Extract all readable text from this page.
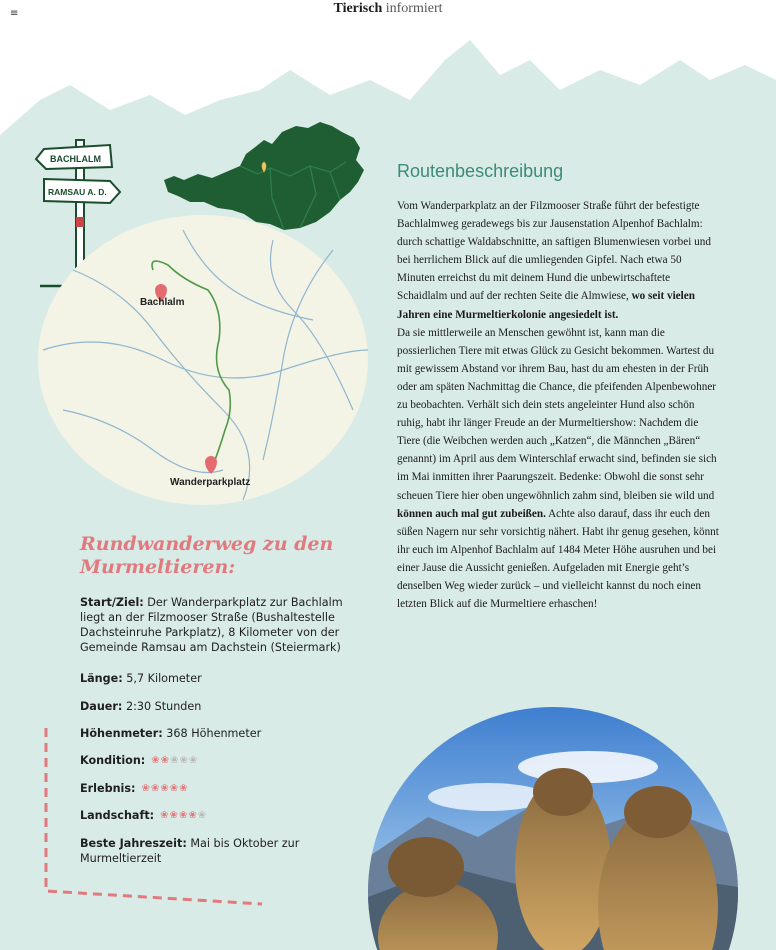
≡	Tierisch informiert
BACHLALM
RAMSAU A. D.
Bachlalm
Wanderparkplatz
Routenbeschreibung

Vom Wanderparkplatz an der Filzmooser Straße führt der befestigte Bachlalmweg geradewegs bis zur Jausenstation Alpenhof Bachlalm: durch schattige Waldabschnitte, an saftigen Blumenwiesen vorbei und bei herrlichem Blick auf die umliegenden Gipfel. Nach etwa 50 Minuten erreichst du mit deinem Hund die unbewirtschaftete Schaidlalm und auf der rechten Seite die Almwiese, wo seit vielen Jahren eine Murmeltierkolonie angesiedelt ist.

Da sie mittlerweile an Menschen gewöhnt ist, kann man die possierlichen Tiere mit etwas Glück zu Gesicht bekommen. Wartest du mit gewissem Abstand vor ihrem Bau, hast du am ehesten in der Früh oder am späten Nachmittag die Chance, die pfeifenden Alpenbewohner zu beobachten. Verhält sich dein stets angeleinter Hund also schön ruhig, habt ihr länger Freude an der Murmeltiershow: Nachdem die Tiere (die Weibchen werden auch „Katzen“, die Männchen „Bären“ genannt) im April aus dem Winterschlaf erwacht sind, befinden sie sich im Mai inmitten ihrer Paarungszeit. Bedenke: Obwohl die sonst sehr scheuen Tiere hier oben ungewöhnlich zahm sind, bleiben sie wild und können auch mal gut zubeißen. Achte also darauf, dass ihr euch den süßen Nagern nur sehr vorsichtig nähert. Habt ihr genug gesehen, könnt ihr euch im Alpenhof Bachlalm auf 1484 Meter Höhe ausruhen und bei einer Jause die Aussicht genießen. Aufgeladen mit Energie geht’s denselben Weg wieder zurück – und vielleicht kannst du noch einen letzten Blick auf die Murmeltiere erhaschen!

Rundwanderweg zu den Murmeltieren:
Start/Ziel: Der Wanderparkplatz zur Bachlalm liegt an der Filzmooser Straße (Bushaltestelle Dachsteinruhe Parkplatz), 8 Kilometer von der Gemeinde Ramsau am Dachstein (Steiermark)
Länge: 5,7 Kilometer
Dauer: 2:30 Stunden
Höhenmeter: 368 Höhenmeter
Kondition: ❀❀❀❀❀
Erlebnis: ❀❀❀❀❀
Landschaft: ❀❀❀❀❀
Beste Jahreszeit: Mai bis Oktober zur Murmeltierzeit
